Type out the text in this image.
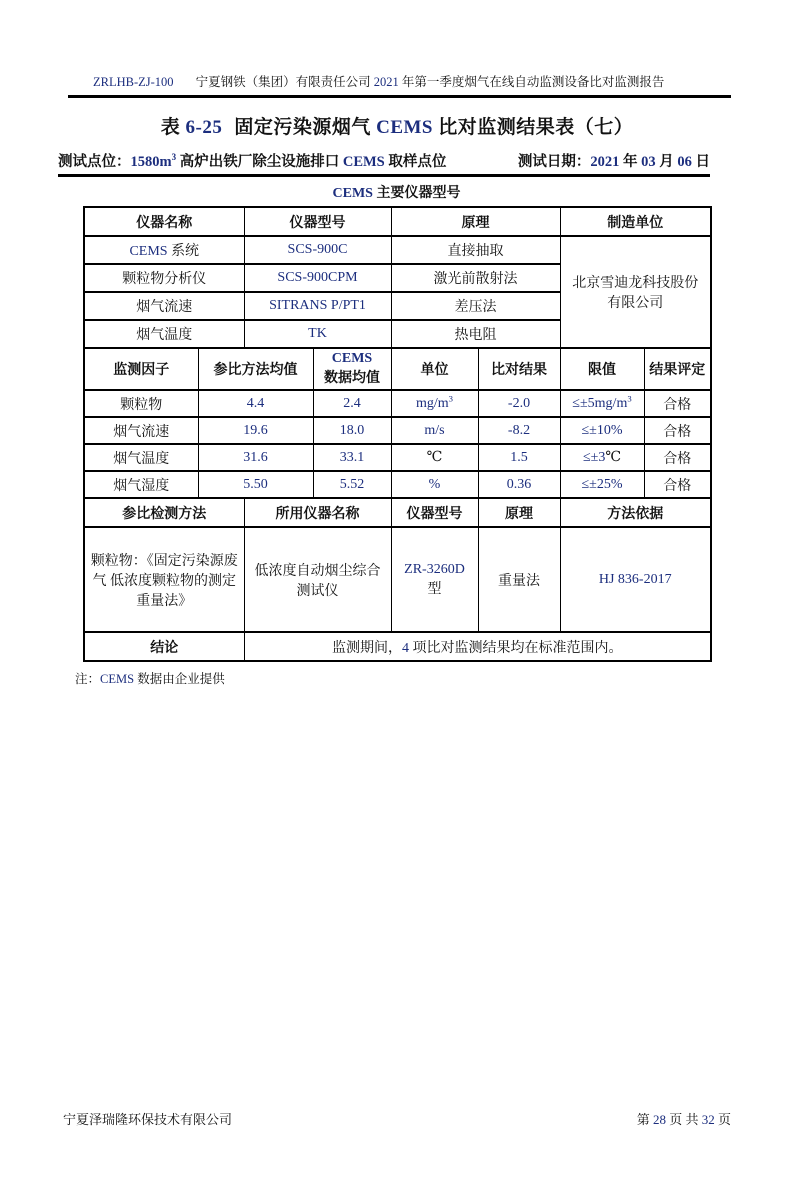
ZRLHB-ZJ-100 宁夏钢铁（集团）有限责任公司 2021 年第一季度烟气在线自动监测设备比对监测报告
表 6-25 固定污染源烟气 CEMS 比对监测结果表（七）
测试点位：$1580m^3$ 高炉出铁厂除尘设施排口 CEMS 取样点位	测试日期：2021 年 03 月 06 日
CEMS 主要仪器型号
仪器名称		仪器型号		原理		制造单位	
CEMS 系统		SCS-900C		直接抽取		北京雪迪龙科技股份
有限公司	

颗粒物分析仪		SCS-900CPM		激光前散射法			
烟气流速		SITRANS P/PT1		差压法			
烟气温度		TK		热电阻			
监测因子	参比方法均值		CEMS
数据均值	单位	比对结果	限值	结果评定
颗粒物	4.4		2.4	$mg/m^3$	-2.0	$\le\pm 5mg/m^3$	合格
烟气流速	19.6		18.0	m/s	-8.2	≤±10%	合格
烟气温度	31.6		33.1	℃	1.5	≤±3℃	合格
烟气湿度	5.50		5.52	%	0.36	≤±25%	合格
参比检测方法		所用仪器名称		仪器型号	原理	方法依据	
颗粒物：《固定污染源废气 低浓度颗粒物的测定 重量法》		低浓度自动烟尘综合测试仪		ZR-3260D
型	重量法	HJ 836-2017	
结论		监测期间，4 项比对监测结果均在标准范围内。					
注：CEMS 数据由企业提供
宁夏泽瑞隆环保技术有限公司	第 28 页 共 32 页
